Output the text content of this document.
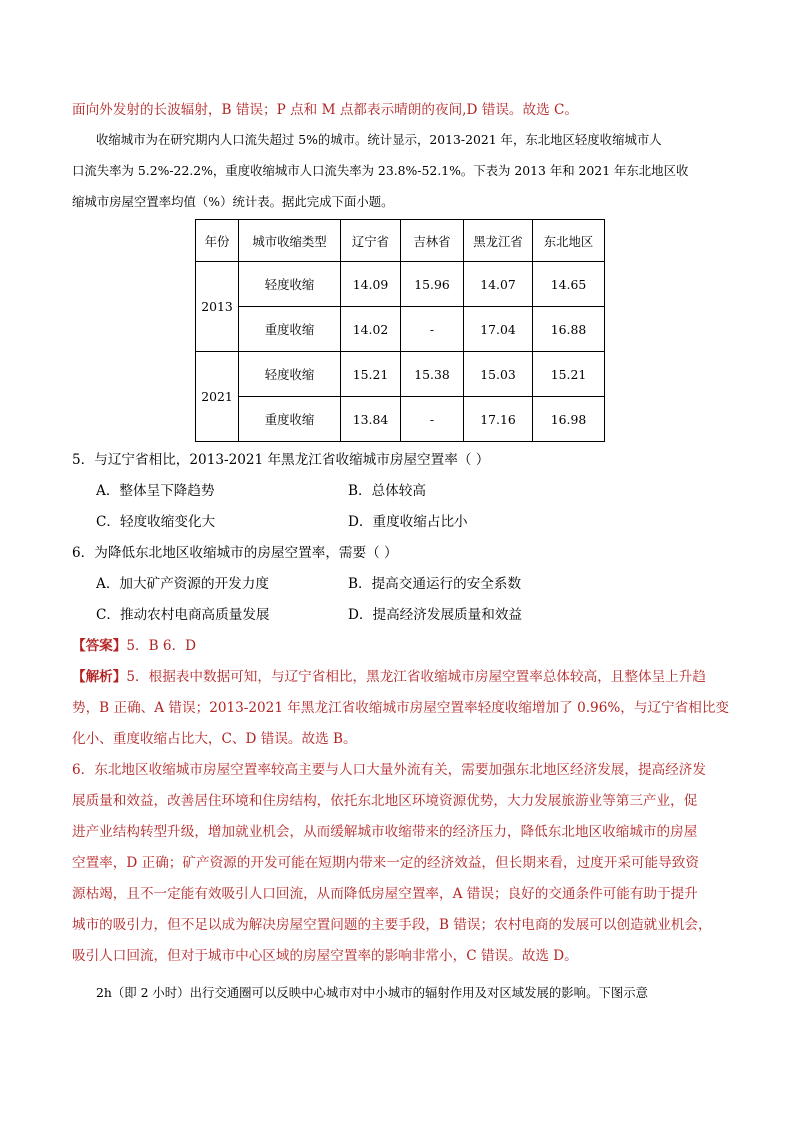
面向外发射的长波辐射，B 错误；P 点和 M 点都表示晴朗的夜间,D 错误。故选 C。
收缩城市为在研究期内人口流失超过 5%的城市。统计显示，2013-2021 年，东北地区轻度收缩城市人
口流失率为 5.2%-22.2%，重度收缩城市人口流失率为 23.8%-52.1%。下表为 2013 年和 2021 年东北地区收
缩城市房屋空置率均值（%）统计表。据此完成下面小题。
年份	城市收缩类型	辽宁省	吉林省	黑龙江省	东北地区
2013	轻度收缩	14.09	15.96	14.07	14.65
	重度收缩	14.02	-	17.04	16.88
2021	轻度收缩	15.21	15.38	15.03	15.21
	重度收缩	13.84	-	17.16	16.98
5．与辽宁省相比，2013-2021 年黑龙江省收缩城市房屋空置率（ ）
A．整体呈下降趋势	B．总体较高
C．轻度收缩变化大	D．重度收缩占比小
6．为降低东北地区收缩城市的房屋空置率，需要（ ）
A．加大矿产资源的开发力度	B．提高交通运行的安全系数
C．推动农村电商高质量发展	D．提高经济发展质量和效益
【答案】5．B 6．D
【解析】5．根据表中数据可知，与辽宁省相比，黑龙江省收缩城市房屋空置率总体较高，且整体呈上升趋
势，B 正确、A 错误；2013-2021 年黑龙江省收缩城市房屋空置率轻度收缩增加了 0.96%，与辽宁省相比变
化小、重度收缩占比大，C、D 错误。故选 B。
6．东北地区收缩城市房屋空置率较高主要与人口大量外流有关，需要加强东北地区经济发展，提高经济发
展质量和效益，改善居住环境和住房结构，依托东北地区环境资源优势，大力发展旅游业等第三产业，促
进产业结构转型升级，增加就业机会，从而缓解城市收缩带来的经济压力，降低东北地区收缩城市的房屋
空置率，D 正确；矿产资源的开发可能在短期内带来一定的经济效益，但长期来看，过度开采可能导致资
源枯竭，且不一定能有效吸引人口回流，从而降低房屋空置率，A 错误；良好的交通条件可能有助于提升
城市的吸引力，但不足以成为解决房屋空置问题的主要手段，B 错误；农村电商的发展可以创造就业机会，
吸引人口回流，但对于城市中心区域的房屋空置率的影响非常小，C 错误。故选 D。
2h（即 2 小时）出行交通圈可以反映中心城市对中小城市的辐射作用及对区域发展的影响。下图示意
